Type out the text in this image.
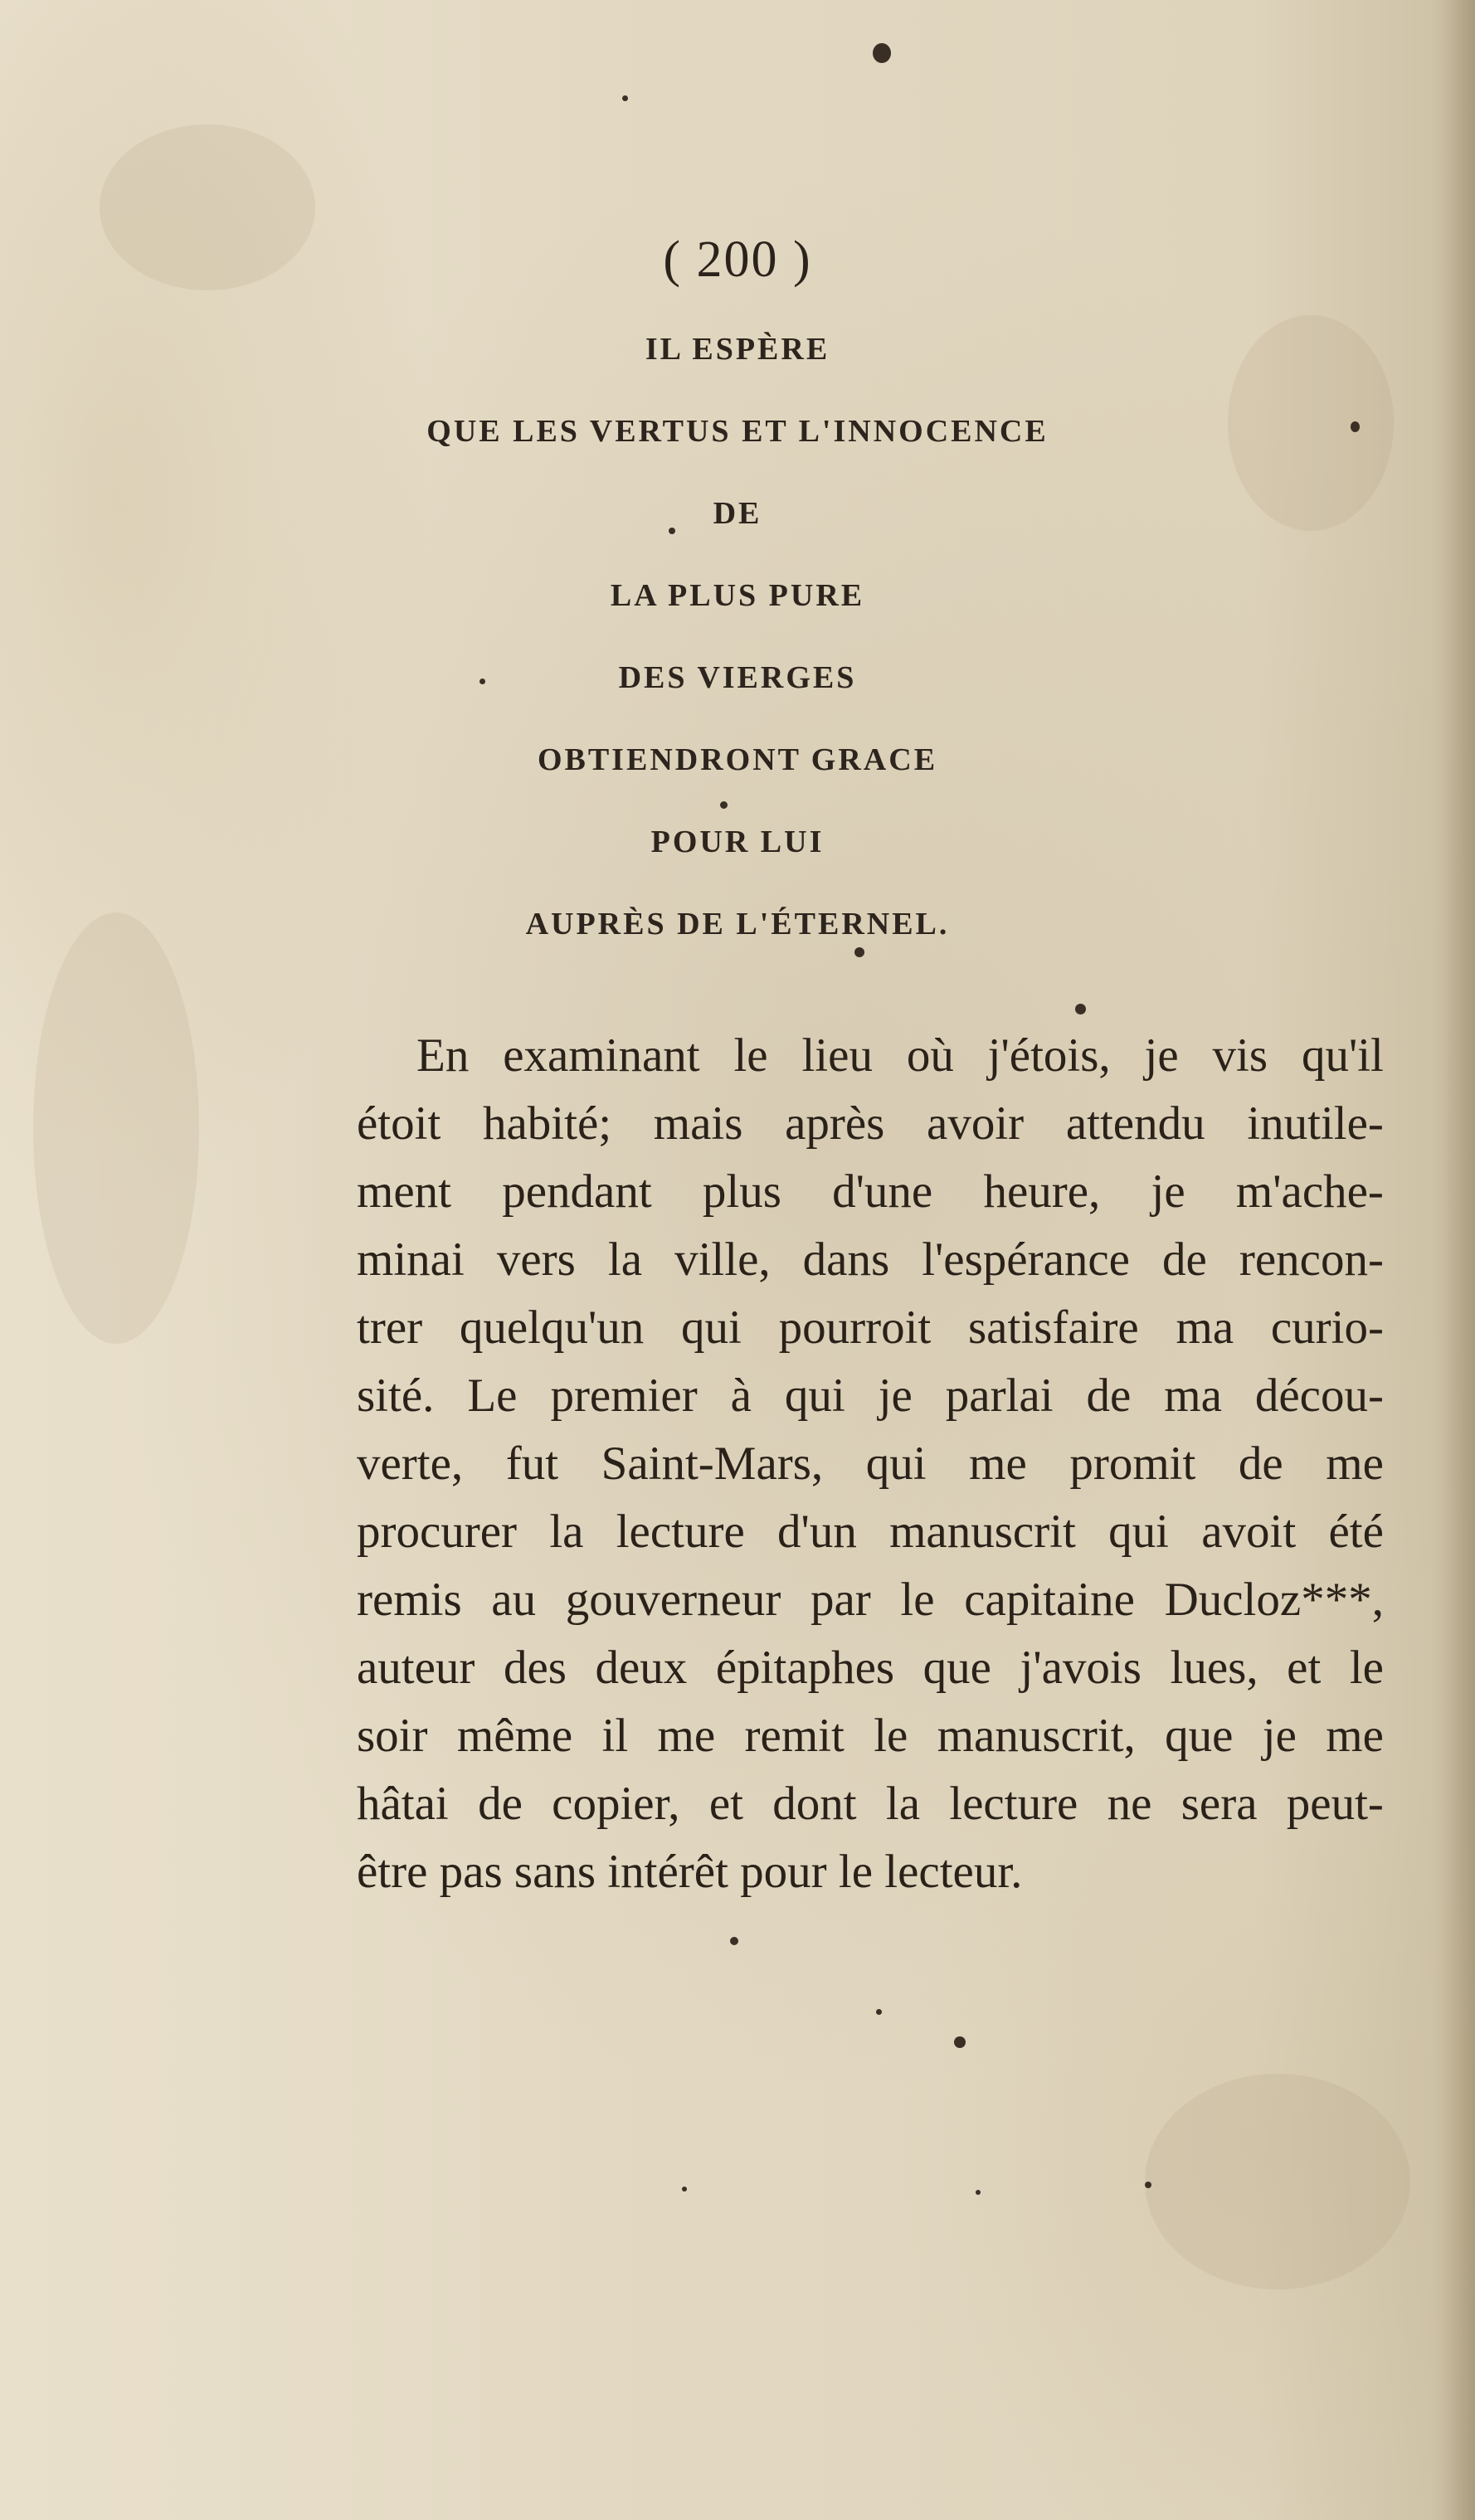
( 200 )
IL ESPÈRE
QUE LES VERTUS ET L'INNOCENCE
DE
LA PLUS PURE
DES VIERGES
OBTIENDRONT GRACE
POUR LUI
AUPRÈS DE L'ÉTERNEL.
En examinant le lieu où j'étois, je vis qu'il
étoit habité; mais après avoir attendu inutile-
ment pendant plus d'une heure, je m'ache-
minai vers la ville, dans l'espérance de rencon-
trer quelqu'un qui pourroit satisfaire ma curio-
sité. Le premier à qui je parlai de ma décou-
verte, fut Saint-Mars, qui me promit de me
procurer la lecture d'un manuscrit qui avoit été
remis au gouverneur par le capitaine Ducloz***,
auteur des deux épitaphes que j'avois lues, et le
soir même il me remit le manuscrit, que je me
hâtai de copier, et dont la lecture ne sera peut-
être pas sans intérêt pour le lecteur.
